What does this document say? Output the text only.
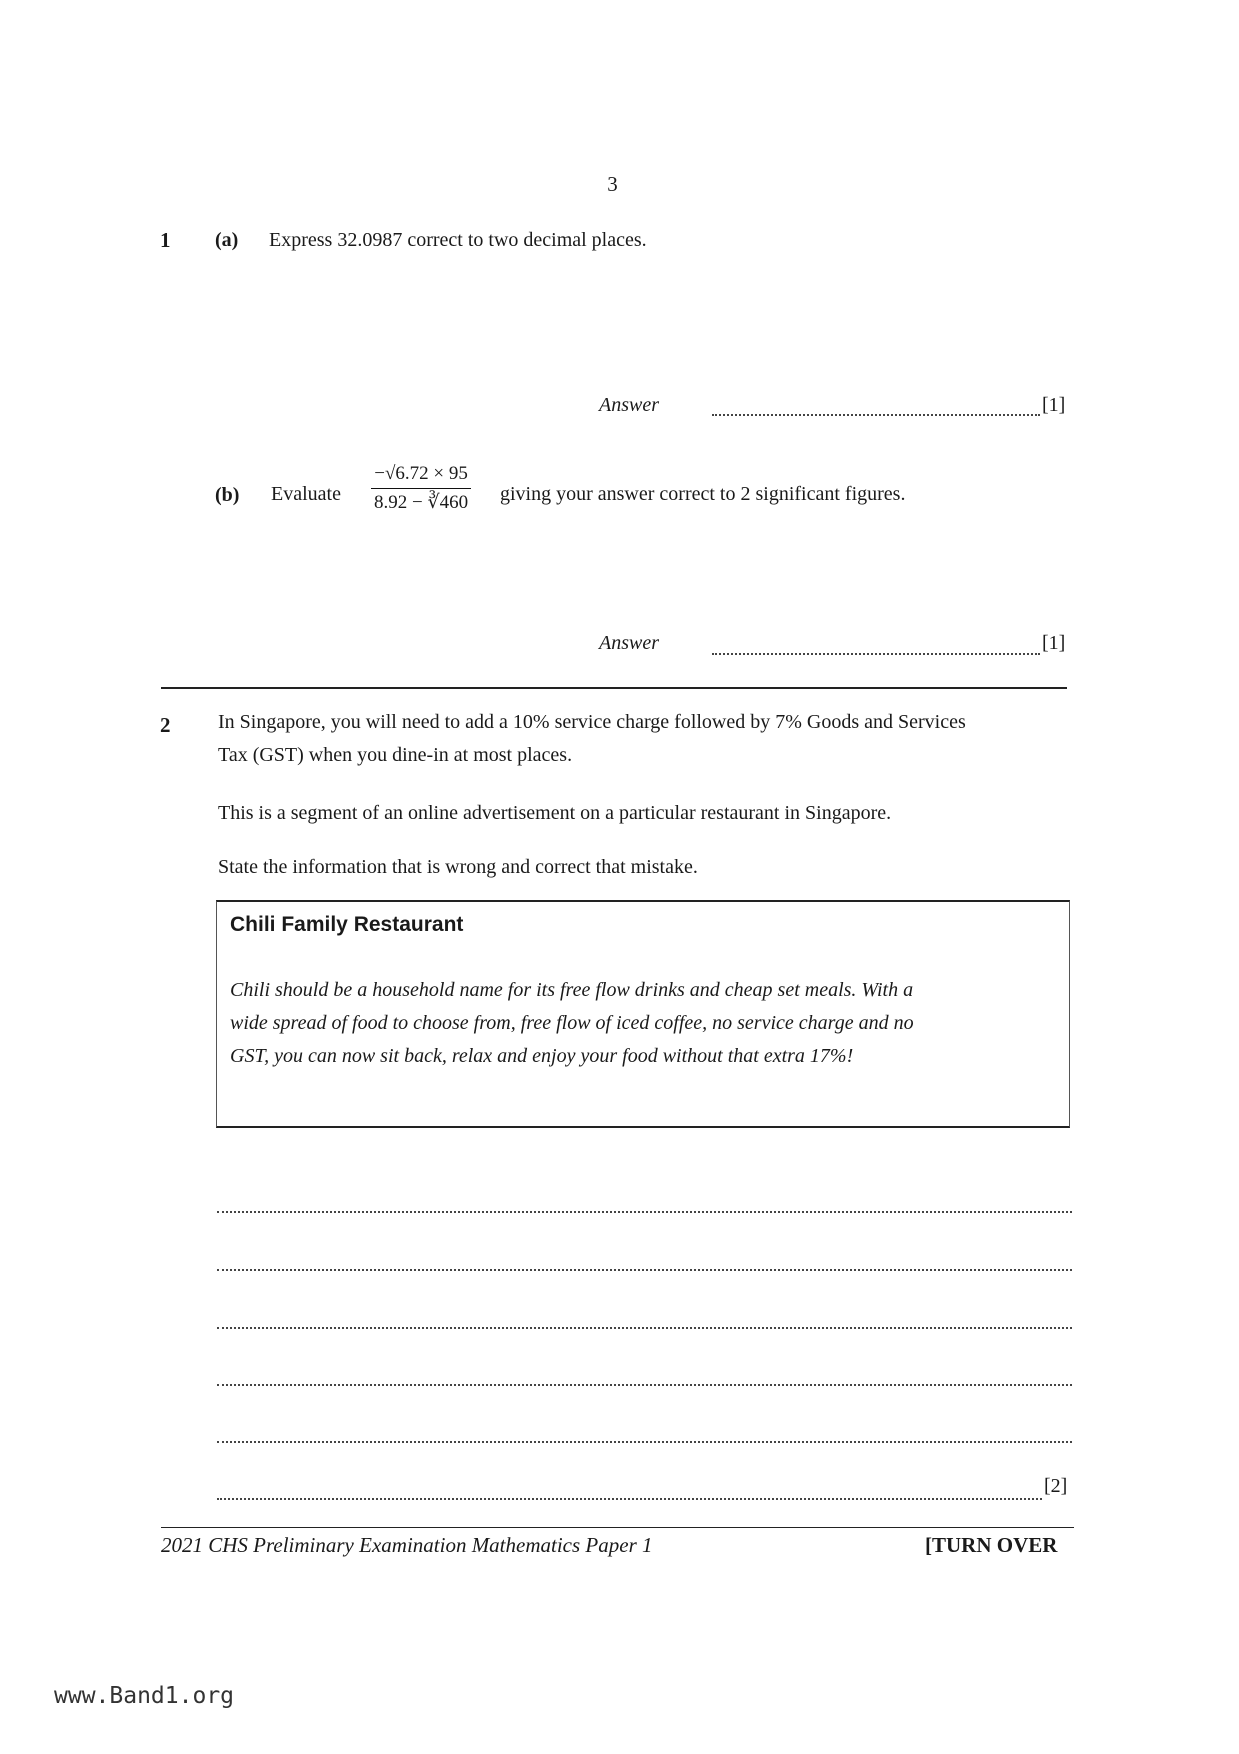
3
1 (a) Express 32.0987 correct to two decimal places.
Answer	[1]
(b) Evaluate $\frac{-√6.72 \times 95}{8.92 - ∛460}$ giving your answer correct to 2 significant figures.
Answer	[1]
2 In Singapore, you will need to add a 10% service charge followed by 7% Goods and Services
Tax (GST) when you dine-in at most places.
This is a segment of an online advertisement on a particular restaurant in Singapore.
State the information that is wrong and correct that mistake.
Chili Family Restaurant
Chili should be a household name for its free flow drinks and cheap set meals. With a
wide spread of food to choose from, free flow of iced coffee, no service charge and no
GST, you can now sit back, relax and enjoy your food without that extra 17%!
[2]
2021 CHS Preliminary Examination Mathematics Paper 1	[TURN OVER
www.Band1.org
